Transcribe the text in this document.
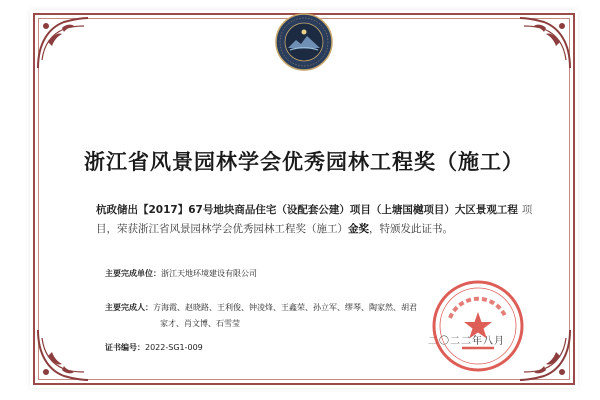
浙江省风景园林学会优秀园林工程奖（施工）
杭政储出【2017】67号地块商品住宅（设配套公建）项目（上塘国樾项目）大区景观工程 项
目，荣获浙江省风景园林学会优秀园林工程奖（施工）金奖，特颁发此证书。
主要完成单位：浙江天地环境建设有限公司
主要完成人：方海霞、赵晓路、王利俊、钟凌烽、王鑫荣、孙立军、缪琴、陶家然、胡君
家才、肖文博、石雪莹
证书编号：2022-SG1-009
二〇二二年八月
